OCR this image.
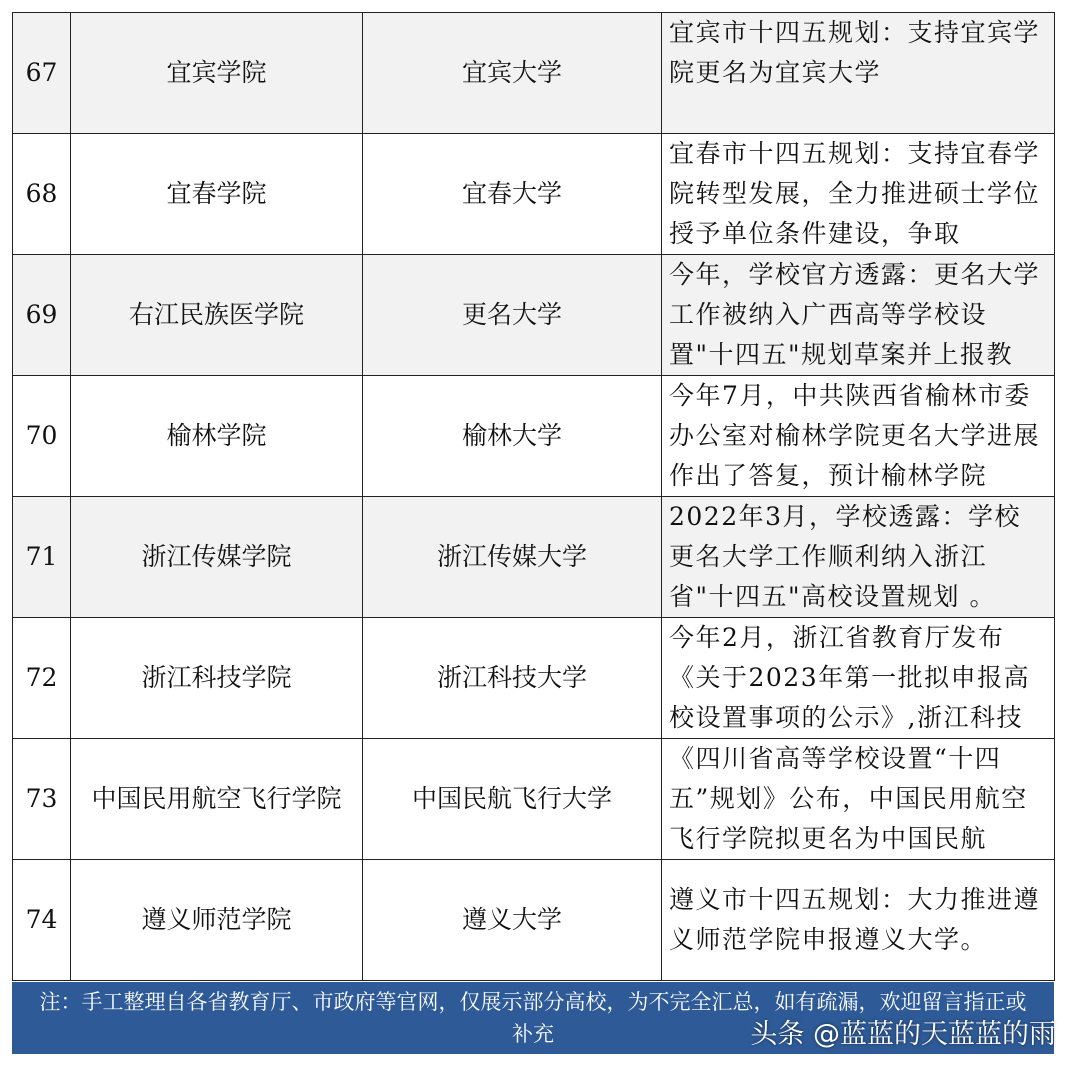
67	宜宾学院	宜宾大学	宜宾市十四五规划：支持宜宾学院更名为宜宾大学

68	宜春学院	宜春大学	宜春市十四五规划：支持宜春学院转型发展，全力推进硕士学位授予单位条件建设，争取

69	右江民族医学院	更名大学	今年，学校官方透露：更名大学工作被纳入广西高等学校设置"十四五"规划草案并上报教

70	榆林学院	榆林大学	今年7月，中共陕西省榆林市委办公室对榆林学院更名大学进展作出了答复，预计榆林学院

71	浙江传媒学院	浙江传媒大学	2022年3月，学校透露：学校更名大学工作顺利纳入浙江省"十四五"高校设置规划 。

72	浙江科技学院	浙江科技大学	今年2月，浙江省教育厅发布《关于2023年第一批拟申报高校设置事项的公示》,浙江科技

73	中国民用航空飞行学院	中国民航飞行大学	《四川省高等学校设置“十四五”规划》公布，中国民用航空飞行学院拟更名为中国民航

74	遵义师范学院	遵义大学	遵义市十四五规划：大力推进遵义师范学院申报遵义大学。
注：手工整理自各省教育厅、市政府等官网，仅展示部分高校，为不完全汇总，如有疏漏，欢迎留言指正或补充	头条 @蓝蓝的天蓝蓝的雨
